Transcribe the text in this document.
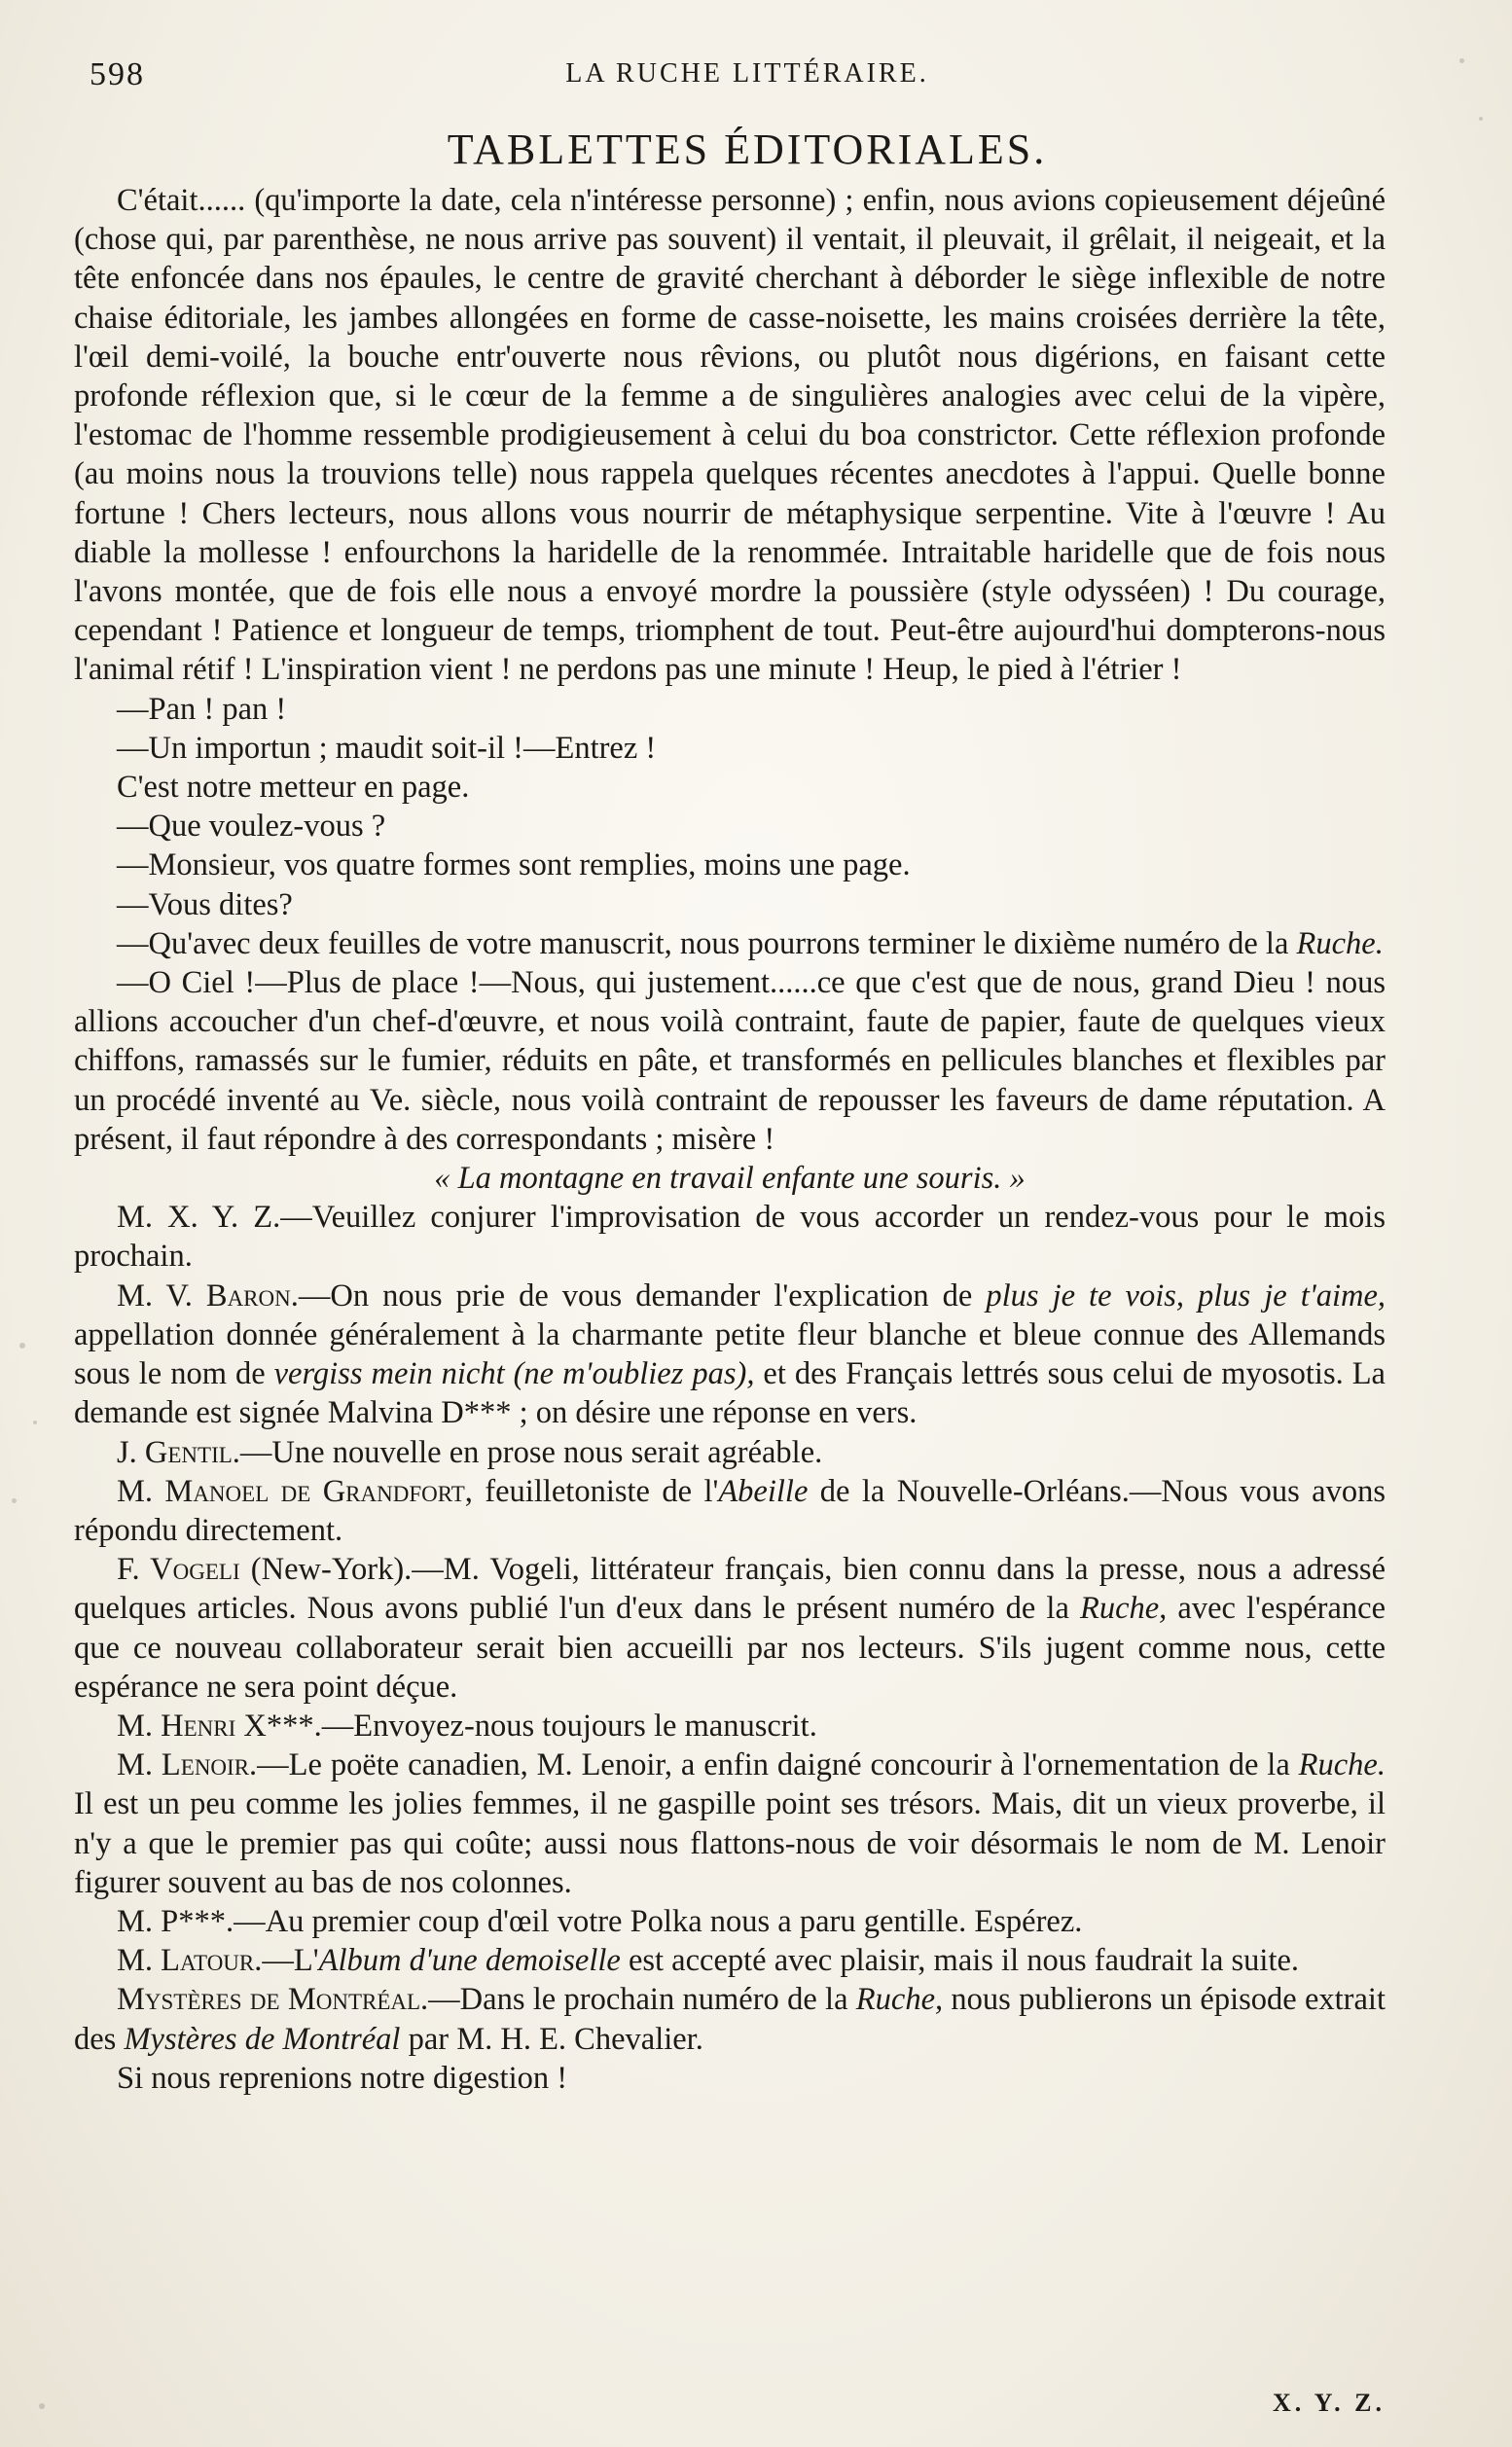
598	LA RUCHE LITTÉRAIRE.
TABLETTES ÉDITORIALES.

C'était...... (qu'importe la date, cela n'intéresse personne) ; enfin, nous avions copieusement déjeûné (chose qui, par parenthèse, ne nous arrive pas souvent) il ventait, il pleuvait, il grêlait, il neigeait, et la tête enfoncée dans nos épaules, le centre de gravité cherchant à déborder le siège inflexible de notre chaise éditoriale, les jambes allongées en forme de casse-noisette, les mains croisées derrière la tête, l'œil demi-voilé, la bouche entr'ouverte nous rêvions, ou plutôt nous digérions, en faisant cette profonde réflexion que, si le cœur de la femme a de singulières analogies avec celui de la vipère, l'estomac de l'homme ressemble prodigieusement à celui du boa constrictor. Cette réflexion profonde (au moins nous la trouvions telle) nous rappela quelques récentes anecdotes à l'appui. Quelle bonne fortune ! Chers lecteurs, nous allons vous nourrir de métaphysique serpentine. Vite à l'œuvre ! Au diable la mollesse ! enfourchons la haridelle de la renommée. Intraitable haridelle que de fois nous l'avons montée, que de fois elle nous a envoyé mordre la poussière (style odysséen) ! Du courage, cependant ! Patience et longueur de temps, triomphent de tout. Peut-être aujourd'hui dompterons-nous l'animal rétif ! L'inspiration vient ! ne perdons pas une minute ! Heup, le pied à l'étrier !

—Pan ! pan !

—Un importun ; maudit soit-il !—Entrez !

C'est notre metteur en page.

—Que voulez-vous ?

—Monsieur, vos quatre formes sont remplies, moins une page.

—Vous dites?

—Qu'avec deux feuilles de votre manuscrit, nous pourrons terminer le dixième numéro de la Ruche.

—O Ciel !—Plus de place !—Nous, qui justement......ce que c'est que de nous, grand Dieu ! nous allions accoucher d'un chef-d'œuvre, et nous voilà contraint, faute de papier, faute de quelques vieux chiffons, ramassés sur le fumier, réduits en pâte, et transformés en pellicules blanches et flexibles par un procédé inventé au Ve. siècle, nous voilà contraint de repousser les faveurs de dame réputation. A présent, il faut répondre à des correspondants ; misère !

« La montagne en travail enfante une souris. »

M. X. Y. Z.—Veuillez conjurer l'improvisation de vous accorder un rendez-vous pour le mois prochain.

M. V. Baron.—On nous prie de vous demander l'explication de plus je te vois, plus je t'aime, appellation donnée généralement à la charmante petite fleur blanche et bleue connue des Allemands sous le nom de vergiss mein nicht (ne m'oubliez pas), et des Français lettrés sous celui de myosotis. La demande est signée Malvina D*** ; on désire une réponse en vers.

J. Gentil.—Une nouvelle en prose nous serait agréable.

M. Manoel de Grandfort, feuilletoniste de l'Abeille de la Nouvelle-Orléans.—Nous vous avons répondu directement.

F. Vogeli (New-York).—M. Vogeli, littérateur français, bien connu dans la presse, nous a adressé quelques articles. Nous avons publié l'un d'eux dans le présent numéro de la Ruche, avec l'espérance que ce nouveau collaborateur serait bien accueilli par nos lecteurs. S'ils jugent comme nous, cette espérance ne sera point déçue.

M. Henri X***.—Envoyez-nous toujours le manuscrit.

M. Lenoir.—Le poëte canadien, M. Lenoir, a enfin daigné concourir à l'ornementation de la Ruche. Il est un peu comme les jolies femmes, il ne gaspille point ses trésors. Mais, dit un vieux proverbe, il n'y a que le premier pas qui coûte; aussi nous flattons-nous de voir désormais le nom de M. Lenoir figurer souvent au bas de nos colonnes.

M. P***.—Au premier coup d'œil votre Polka nous a paru gentille. Espérez.

M. Latour.—L'Album d'une demoiselle est accepté avec plaisir, mais il nous faudrait la suite.

Mystères de Montréal.—Dans le prochain numéro de la Ruche, nous publierons un épisode extrait des Mystères de Montréal par M. H. E. Chevalier.

Si nous reprenions notre digestion !

X. Y. Z.
